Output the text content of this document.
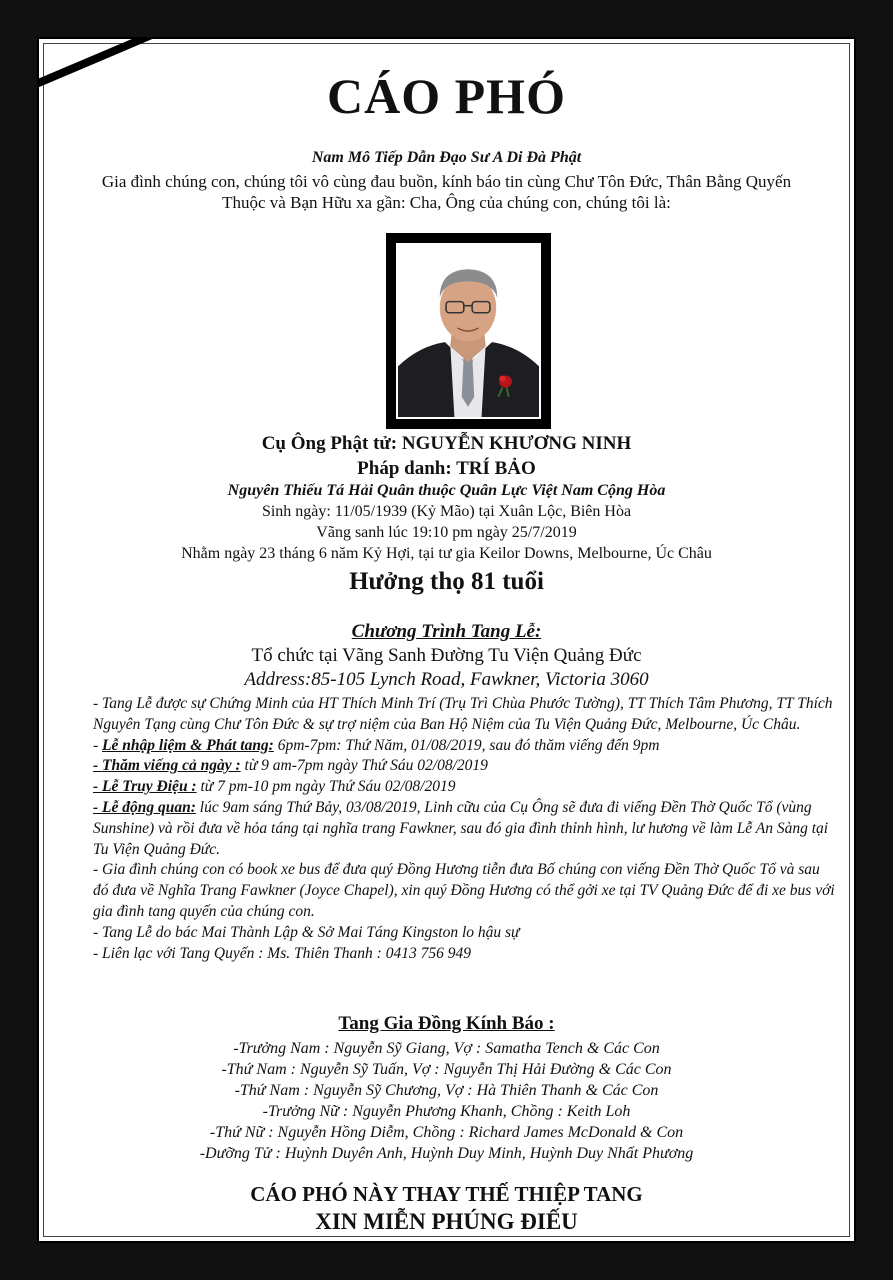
CÁO PHÓ
Nam Mô Tiếp Dẫn Đạo Sư A Di Đà Phật
Gia đình chúng con, chúng tôi vô cùng đau buồn, kính báo tin cùng Chư Tôn Đức, Thân Bằng Quyến Thuộc và Bạn Hữu xa gần: Cha, Ông của chúng con, chúng tôi là:
Cụ Ông Phật tử: NGUYỄN KHƯƠNG NINH
Pháp danh: TRÍ BẢO
Nguyên Thiếu Tá Hải Quân thuộc Quân Lực Việt Nam Cộng Hòa
Sinh ngày: 11/05/1939 (Kỷ Mão) tại Xuân Lộc, Biên Hòa
Vãng sanh lúc 19:10 pm ngày 25/7/2019
Nhằm ngày 23 tháng 6 năm Kỷ Hợi, tại tư gia Keilor Downs, Melbourne, Úc Châu
Hưởng thọ 81 tuổi
Chương Trình Tang Lễ:
Tổ chức tại Vãng Sanh Đường Tu Viện Quảng Đức
Address:85-105 Lynch Road, Fawkner, Victoria 3060

- Tang Lễ được sự Chứng Minh của HT Thích Minh Trí (Trụ Trì Chùa Phước Tường), TT Thích Tâm Phương, TT Thích Nguyên Tạng cùng Chư Tôn Đức & sự trợ niệm của Ban Hộ Niệm của Tu Viện Quảng Đức, Melbourne, Úc Châu.

- Lễ nhập liệm & Phát tang: 6pm-7pm: Thứ Năm, 01/08/2019, sau đó thăm viếng đến 9pm

- Thăm viếng cả ngày : từ 9 am-7pm ngày Thứ Sáu 02/08/2019

- Lễ Truy Điệu : từ 7 pm-10 pm ngày Thứ Sáu 02/08/2019

- Lễ động quan: lúc 9am sáng Thứ Bảy, 03/08/2019, Linh cữu của Cụ Ông sẽ đưa đi viếng Đền Thờ Quốc Tổ (vùng Sunshine) và rồi đưa về hỏa táng tại nghĩa trang Fawkner, sau đó gia đình thỉnh hình, lư hương về làm Lễ An Sàng tại Tu Viện Quảng Đức.

- Gia đình chúng con có book xe bus để đưa quý Đồng Hương tiễn đưa Bố chúng con viếng Đền Thờ Quốc Tổ và sau đó đưa về Nghĩa Trang Fawkner (Joyce Chapel), xin quý Đồng Hương có thể gởi xe tại TV Quảng Đức để đi xe bus với gia đình tang quyến của chúng con.

- Tang Lễ do bác Mai Thành Lập & Sở Mai Táng Kingston lo hậu sự

- Liên lạc với Tang Quyến : Ms. Thiên Thanh : 0413 756 949

Tang Gia Đồng Kính Báo :
-Trưởng Nam : Nguyễn Sỹ Giang, Vợ : Samatha Tench & Các Con
-Thứ Nam : Nguyễn Sỹ Tuấn, Vợ : Nguyễn Thị Hải Đường & Các Con
-Thứ Nam : Nguyễn Sỹ Chương, Vợ : Hà Thiên Thanh & Các Con
-Trưởng Nữ : Nguyễn Phương Khanh, Chồng : Keith Loh
-Thứ Nữ : Nguyễn Hồng Diễm, Chồng : Richard James McDonald & Con
-Dưỡng Tử : Huỳnh Duyên Anh, Huỳnh Duy Minh, Huỳnh Duy Nhất Phương
CÁO PHÓ NÀY THAY THẾ THIỆP TANG
XIN MIỄN PHÚNG ĐIẾU
